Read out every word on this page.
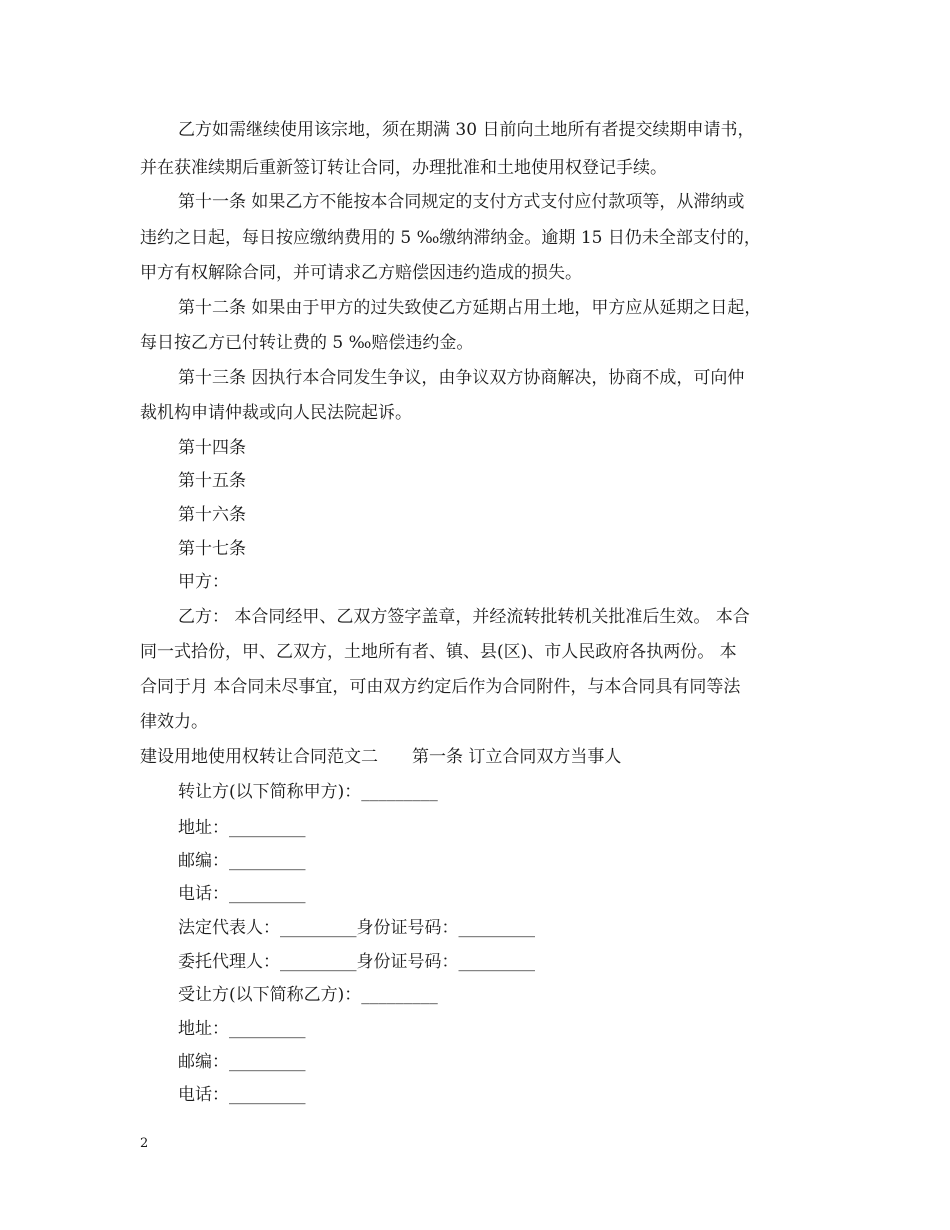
乙方如需继续使用该宗地，须在期满 30 日前向土地所有者提交续期申请书，
并在获准续期后重新签订转让合同，办理批准和土地使用权登记手续。
第十一条 如果乙方不能按本合同规定的支付方式支付应付款项等，从滞纳或
违约之日起，每日按应缴纳费用的 5 ‰缴纳滞纳金。逾期 15 日仍未全部支付的，
甲方有权解除合同，并可请求乙方赔偿因违约造成的损失。
第十二条 如果由于甲方的过失致使乙方延期占用土地，甲方应从延期之日起，
每日按乙方已付转让费的 5 ‰赔偿违约金。
第十三条 因执行本合同发生争议，由争议双方协商解决，协商不成，可向仲
裁机构申请仲裁或向人民法院起诉。
第十四条
第十五条
第十六条
第十七条
甲方：
乙方： 本合同经甲、乙双方签字盖章，并经流转批转机关批准后生效。 本合
同一式拾份，甲、乙双方，土地所有者、镇、县(区)、市人民政府各执两份。 本
合同于月 本合同未尽事宜，可由双方约定后作为合同附件，与本合同具有同等法
律效力。
建设用地使用权转让合同范文二 第一条 订立合同双方当事人
转让方(以下简称甲方)：_________
地址：_________
邮编：_________
电话：_________
法定代表人：_________身份证号码：_________
委托代理人：_________身份证号码：_________
受让方(以下简称乙方)：_________
地址：_________
邮编：_________
电话：_________
2
